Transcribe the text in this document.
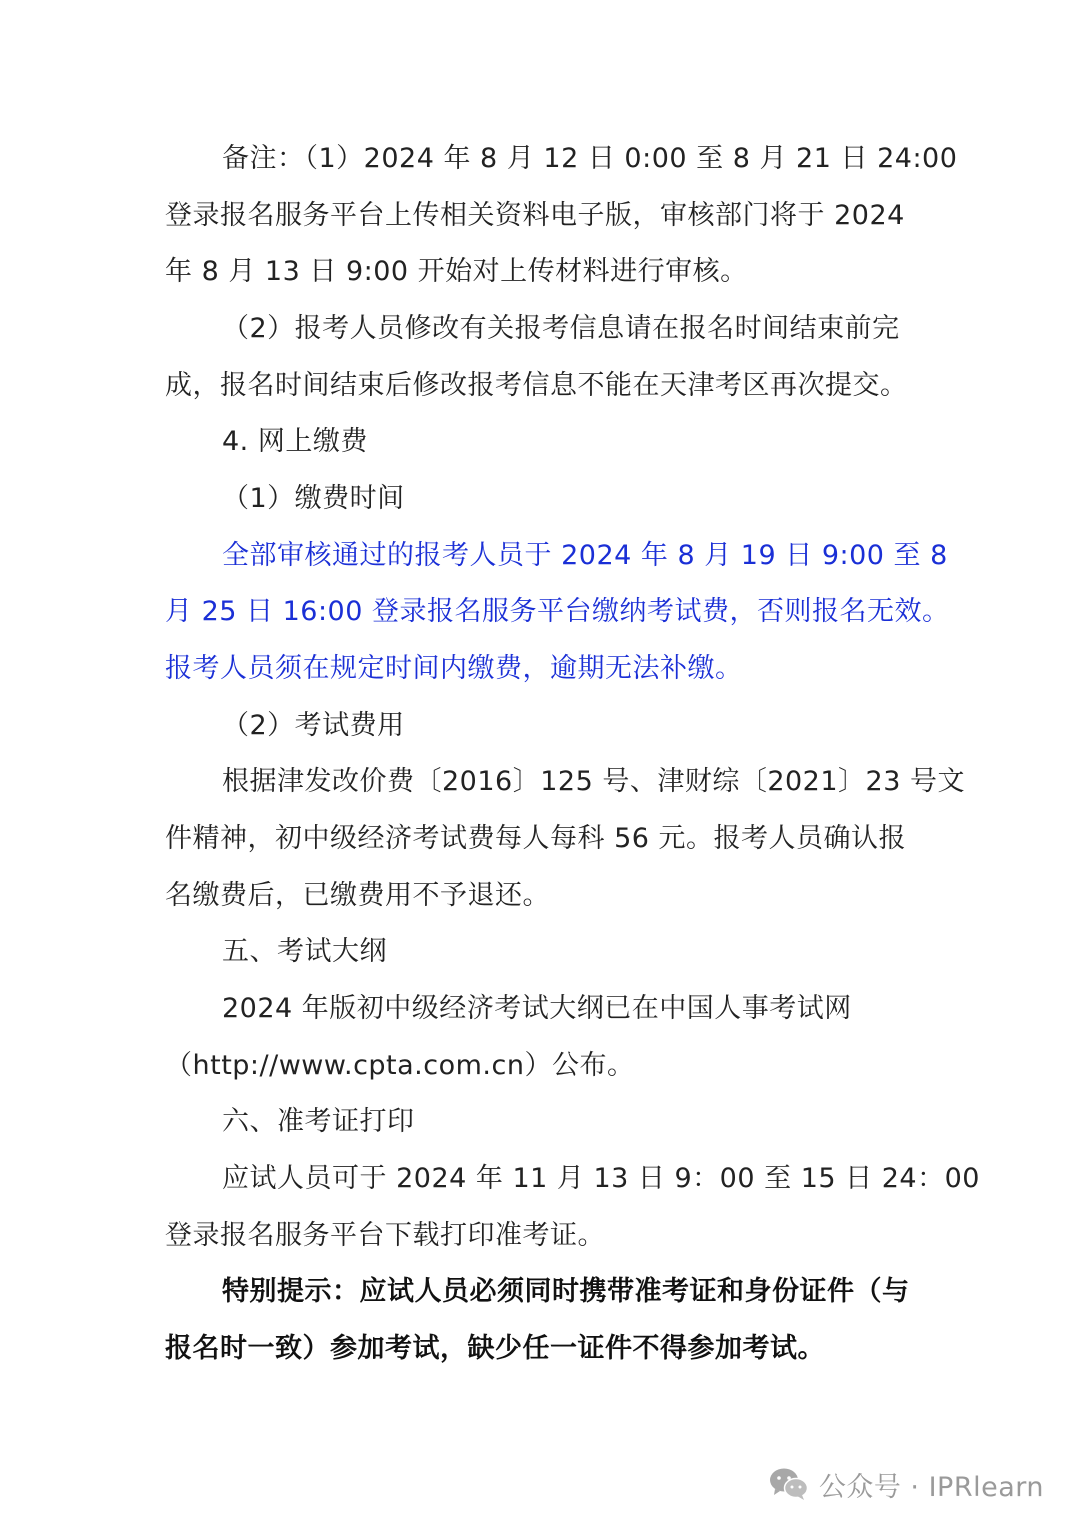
备注：（1）2024 年 8 月 12 日 0:00 至 8 月 21 日 24:00
登录报名服务平台上传相关资料电子版，审核部门将于 2024
年 8 月 13 日 9:00 开始对上传材料进行审核。
（2）报考人员修改有关报考信息请在报名时间结束前完
成，报名时间结束后修改报考信息不能在天津考区再次提交。
4. 网上缴费
（1）缴费时间
全部审核通过的报考人员于 2024 年 8 月 19 日 9:00 至 8
月 25 日 16:00 登录报名服务平台缴纳考试费，否则报名无效。
报考人员须在规定时间内缴费，逾期无法补缴。
（2）考试费用
根据津发改价费〔2016〕125 号、津财综〔2021〕23 号文
件精神，初中级经济考试费每人每科 56 元。报考人员确认报
名缴费后，已缴费用不予退还。
五、考试大纲
2024 年版初中级经济考试大纲已在中国人事考试网
（http://www.cpta.com.cn）公布。
六、准考证打印
应试人员可于 2024 年 11 月 13 日 9：00 至 15 日 24：00
登录报名服务平台下载打印准考证。
特别提示：应试人员必须同时携带准考证和身份证件（与
报名时一致）参加考试，缺少任一证件不得参加考试。
公众号 · IPRlearn
